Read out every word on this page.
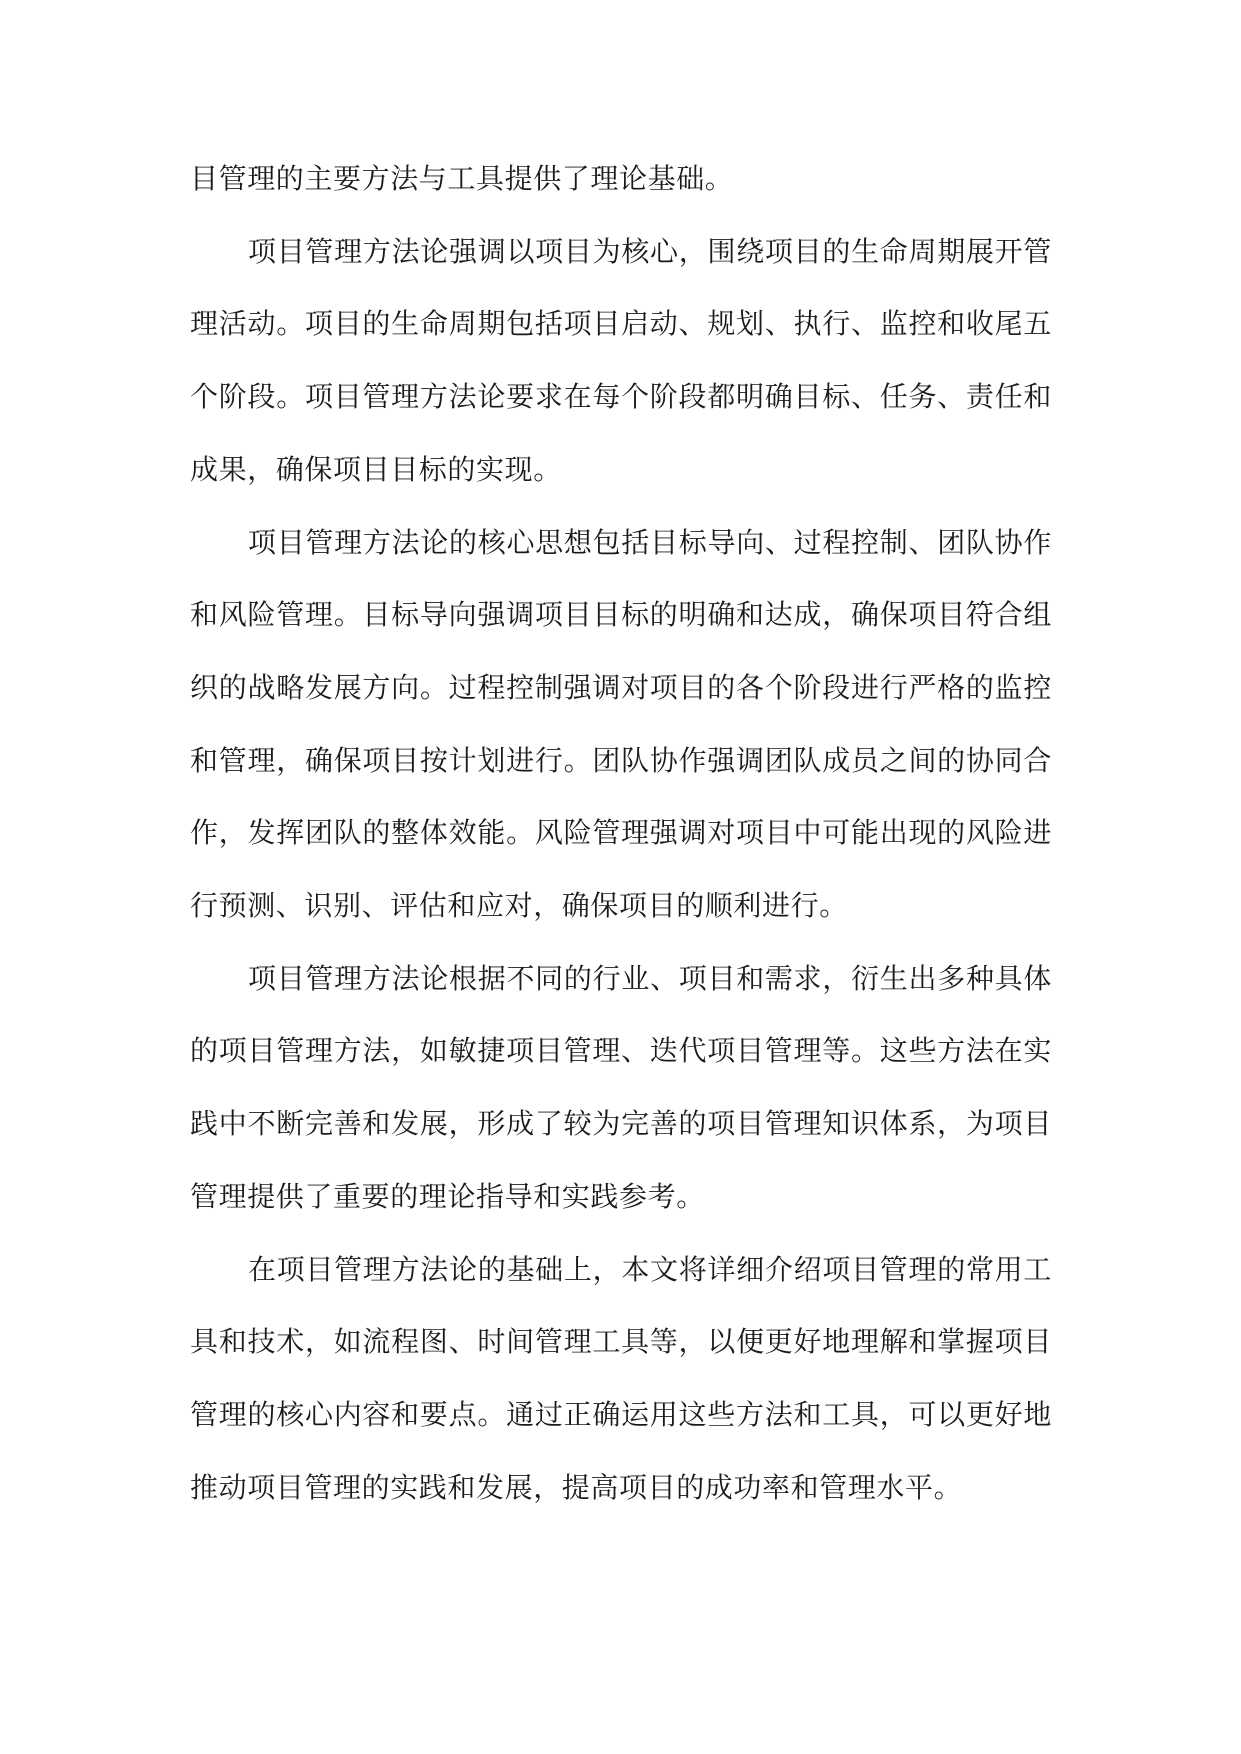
目管理的主要方法与工具提供了理论基础。

项目管理方法论强调以项目为核心，围绕项目的生命周期展开管理活动。项目的生命周期包括项目启动、规划、执行、监控和收尾五个阶段。项目管理方法论要求在每个阶段都明确目标、任务、责任和成果，确保项目目标的实现。

项目管理方法论的核心思想包括目标导向、过程控制、团队协作和风险管理。目标导向强调项目目标的明确和达成，确保项目符合组织的战略发展方向。过程控制强调对项目的各个阶段进行严格的监控和管理，确保项目按计划进行。团队协作强调团队成员之间的协同合作，发挥团队的整体效能。风险管理强调对项目中可能出现的风险进行预测、识别、评估和应对，确保项目的顺利进行。

项目管理方法论根据不同的行业、项目和需求，衍生出多种具体的项目管理方法，如敏捷项目管理、迭代项目管理等。这些方法在实践中不断完善和发展，形成了较为完善的项目管理知识体系，为项目管理提供了重要的理论指导和实践参考。

在项目管理方法论的基础上，本文将详细介绍项目管理的常用工具和技术，如流程图、时间管理工具等，以便更好地理解和掌握项目管理的核心内容和要点。通过正确运用这些方法和工具，可以更好地推动项目管理的实践和发展，提高项目的成功率和管理水平。
